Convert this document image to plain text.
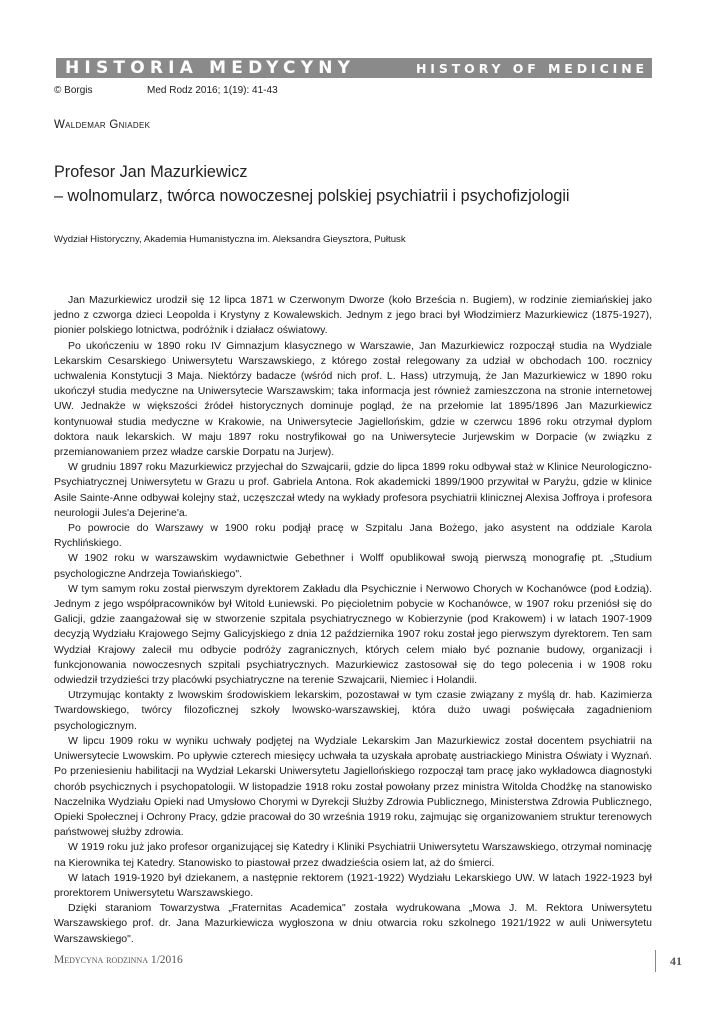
HISTORIA MEDYCYNY	HISTORY OF MEDICINE
© Borgis	Med Rodz 2016; 1(19): 41-43
Waldemar Gniadek
Profesor Jan Mazurkiewicz
– wolnomularz, twórca nowoczesnej polskiej psychiatrii i psychofizjologii
Wydział Historyczny, Akademia Humanistyczna im. Aleksandra Gieysztora, Pułtusk

Jan Mazurkiewicz urodził się 12 lipca 1871 w Czerwonym Dworze (koło Brześcia n. Bugiem), w rodzinie ziemiańskiej jako jedno z czworga dzieci Leopolda i Krystyny z Kowalewskich. Jednym z jego braci był Włodzimierz Mazurkiewicz (1875-1927), pionier polskiego lotnictwa, podróżnik i działacz oświatowy.

Po ukończeniu w 1890 roku IV Gimnazjum klasycznego w Warszawie, Jan Mazurkiewicz rozpoczął studia na Wydziale Lekarskim Cesarskiego Uniwersytetu Warszawskiego, z którego został relegowany za udział w obchodach 100. rocznicy uchwalenia Konstytucji 3 Maja. Niektórzy badacze (wśród nich prof. L. Hass) utrzymują, że Jan Mazurkiewicz w 1890 roku ukończył studia medyczne na Uniwersytecie Warszawskim; taka informacja jest również zamieszczona na stronie internetowej UW. Jednakże w większości źródeł historycznych dominuje pogląd, że na przełomie lat 1895/1896 Jan Mazurkiewicz kontynuował studia medyczne w Krakowie, na Uniwersytecie Jagiellońskim, gdzie w czerwcu 1896 roku otrzymał dyplom doktora nauk lekarskich. W maju 1897 roku nostryfikował go na Uniwersytecie Jurjewskim w Dorpacie (w związku z przemianowaniem przez władze carskie Dorpatu na Jurjew).

W grudniu 1897 roku Mazurkiewicz przyjechał do Szwajcarii, gdzie do lipca 1899 roku odbywał staż w Klinice Neurologiczno-Psychiatrycznej Uniwersytetu w Grazu u prof. Gabriela Antona. Rok akademicki 1899/1900 przywitał w Paryżu, gdzie w klinice Asile Sainte-Anne odbywał kolejny staż, uczęszczał wtedy na wykłady profesora psychiatrii klinicznej Alexisa Joffroya i profesora neurologii Jules'a Dejerine'a.

Po powrocie do Warszawy w 1900 roku podjął pracę w Szpitalu Jana Bożego, jako asystent na oddziale Karola Rychlińskiego.

W 1902 roku w warszawskim wydawnictwie Gebethner i Wolff opublikował swoją pierwszą monografię pt. „Studium psychologiczne Andrzeja Towiańskiego".

W tym samym roku został pierwszym dyrektorem Zakładu dla Psychicznie i Nerwowo Chorych w Kochanówce (pod Łodzią). Jednym z jego współpracowników był Witold Łuniewski. Po pięcioletnim pobycie w Kochanówce, w 1907 roku przeniósł się do Galicji, gdzie zaangażował się w stworzenie szpitala psychiatrycznego w Kobierzynie (pod Krakowem) i w latach 1907-1909 decyzją Wydziału Krajowego Sejmy Galicyjskiego z dnia 12 października 1907 roku został jego pierwszym dyrektorem. Ten sam Wydział Krajowy zalecił mu odbycie podróży zagranicznych, których celem miało być poznanie budowy, organizacji i funkcjonowania nowoczesnych szpitali psychiatrycznych. Mazurkiewicz zastosował się do tego polecenia i w 1908 roku odwiedził trzydzieści trzy placówki psychiatryczne na terenie Szwajcarii, Niemiec i Holandii.

Utrzymując kontakty z lwowskim środowiskiem lekarskim, pozostawał w tym czasie związany z myślą dr. hab. Kazimierza Twardowskiego, twórcy filozoficznej szkoły lwowsko-warszawskiej, która dużo uwagi poświęcała zagadnieniom psychologicznym.

W lipcu 1909 roku w wyniku uchwały podjętej na Wydziale Lekarskim Jan Mazurkiewicz został docentem psychiatrii na Uniwersytecie Lwowskim. Po upływie czterech miesięcy uchwała ta uzyskała aprobatę austriackiego Ministra Oświaty i Wyznań. Po przeniesieniu habilitacji na Wydział Lekarski Uniwersytetu Jagiellońskiego rozpoczął tam pracę jako wykładowca diagnostyki chorób psychicznych i psychopatologii. W listopadzie 1918 roku został powołany przez ministra Witolda Chodźkę na stanowisko Naczelnika Wydziału Opieki nad Umysłowo Chorymi w Dyrekcji Służby Zdrowia Publicznego, Ministerstwa Zdrowia Publicznego, Opieki Społecznej i Ochrony Pracy, gdzie pracował do 30 września 1919 roku, zajmując się organizowaniem struktur terenowych państwowej służby zdrowia.

W 1919 roku już jako profesor organizującej się Katedry i Kliniki Psychiatrii Uniwersytetu Warszawskiego, otrzymał nominację na Kierownika tej Katedry. Stanowisko to piastował przez dwadzieścia osiem lat, aż do śmierci.

W latach 1919-1920 był dziekanem, a następnie rektorem (1921-1922) Wydziału Lekarskiego UW. W latach 1922-1923 był prorektorem Uniwersytetu Warszawskiego.

Dzięki staraniom Towarzystwa „Fraternitas Academica" została wydrukowana „Mowa J. M. Rektora Uniwersytetu Warszawskiego prof. dr. Jana Mazurkiewicza wygłoszona w dniu otwarcia roku szkolnego 1921/1922 w auli Uniwersytetu Warszawskiego".

Medycyna rodzinna 1/2016	41
